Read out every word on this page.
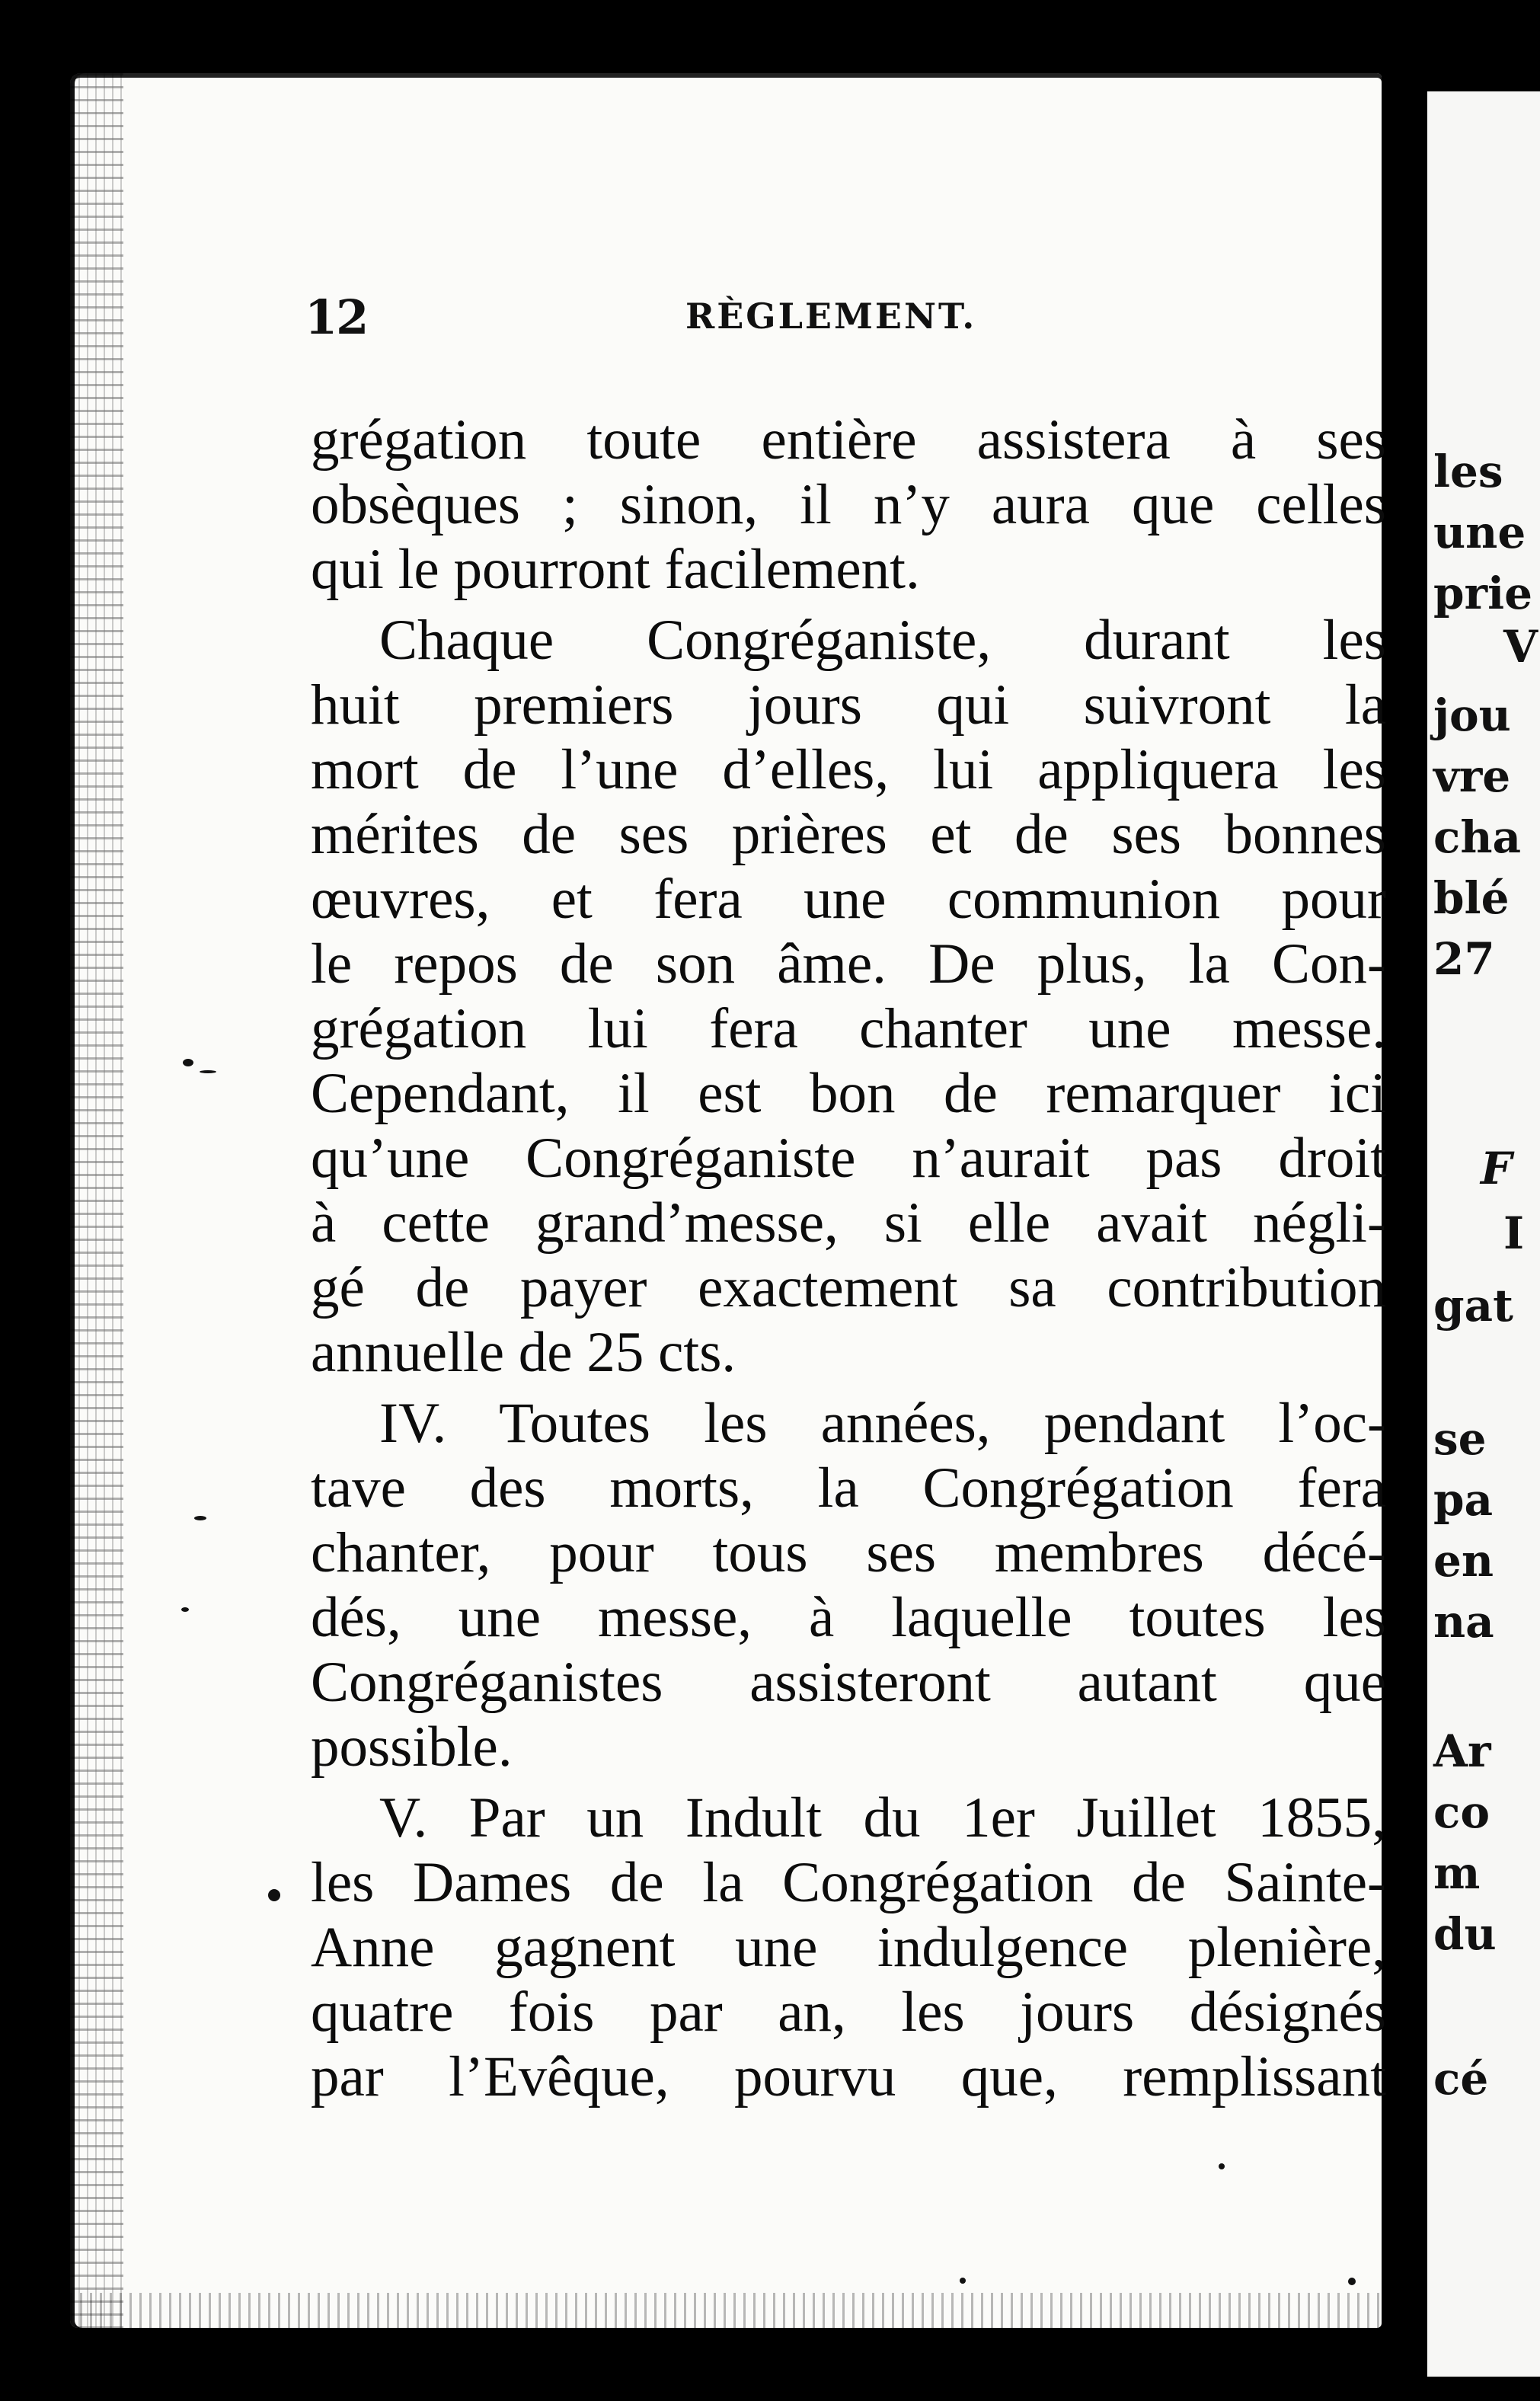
les
une
prie
V
jou
vre
cha
blé
27
F
I
gat
se
pa
en
na
Ar
co
m
du
cé
12	RÈGLEMENT.
grégation toute entière assistera à ses
obsèques ; sinon, il n’y aura que celles
qui le pourront facilement.
Chaque Congréganiste, durant les
huit premiers jours qui suivront la
mort de l’une d’elles, lui appliquera les
mérites de ses prières et de ses bonnes
œuvres, et fera une communion pour
le repos de son âme. De plus, la Con-
grégation lui fera chanter une messe.
Cependant, il est bon de remarquer ici
qu’une Congréganiste n’aurait pas droit
à cette grand’messe, si elle avait négli-
gé de payer exactement sa contribution
annuelle de 25 cts.
IV. Toutes les années, pendant l’oc-
tave des morts, la Congrégation fera
chanter, pour tous ses membres décé-
dés, une messe, à laquelle toutes les
Congréganistes assisteront autant que
possible.
V. Par un Indult du 1er Juillet 1855,
les Dames de la Congrégation de Sainte-
Anne gagnent une indulgence plenière,
quatre fois par an, les jours désignés
par l’Evêque, pourvu que, remplissant
